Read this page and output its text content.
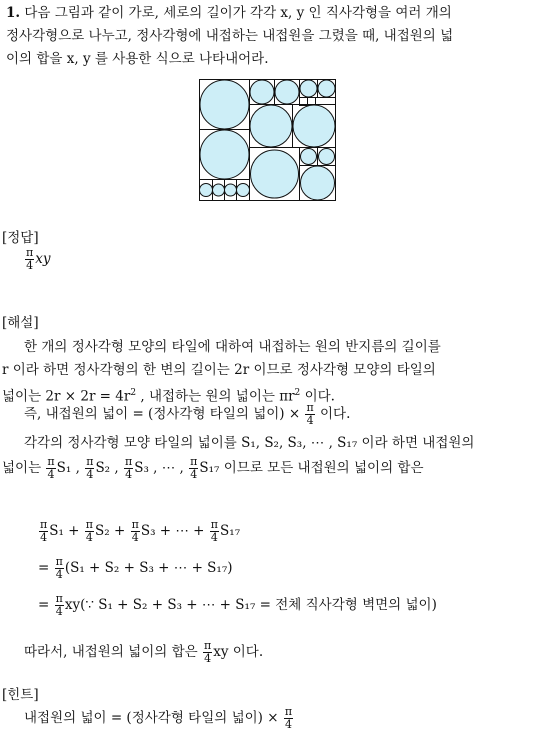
1. 다음 그림과 같이 가로, 세로의 길이가 각각 x, y 인 직사각형을 여러 개의
정사각형으로 나누고, 정사각형에 내접하는 내접원을 그렸을 때, 내접원의 넓
이의 합을 x, y 를 사용한 식으로 나타내어라.
[정답]
$\frac{\pi}{4}$ xy
[해설]
한 개의 정사각형 모양의 타일에 대하여 내접하는 원의 반지름의 길이를
r 이라 하면 정사각형의 한 변의 길이는 2r 이므로 정사각형 모양의 타일의
넓이는 $2r \times 2r = 4r^2$ , 내접하는 원의 넓이는 $\pi r^2$ 이다.
즉, 내접원의 넓이 = (정사각형 타일의 넓이) × $\frac{\pi}{4}$ 이다.
각각의 정사각형 모양 타일의 넓이를 S₁, S₂, S₃, ⋯ , S₁₇ 이라 하면 내접원의
넓이는 $\frac{\pi}{4} S_1$ , $\frac{\pi}{4} S_2$ , $\frac{\pi}{4} S_3$ , ⋯ , $\frac{\pi}{4} S_{17}$ 이므로 모든 내접원의 넓이의 합은
$\frac{\pi}{4} S_1 + \frac{\pi}{4} S_2 + \frac{\pi}{4} S_3$ + ⋯ + $\frac{\pi}{4} S_{17}$
= $\frac{\pi}{4} (S_1 + S_2 + S_3$ + ⋯ + S₁₇)
= $\frac{\pi}{4}$ xy(∵ S₁ + S₂ + S₃ + ⋯ + S₁₇ = 전체 직사각형 벽면의 넓이)
따라서, 내접원의 넓이의 합은 $\frac{\pi}{4}$ xy 이다.
[힌트]
내접원의 넓이 = (정사각형 타일의 넓이) × $\frac{\pi}{4}$
